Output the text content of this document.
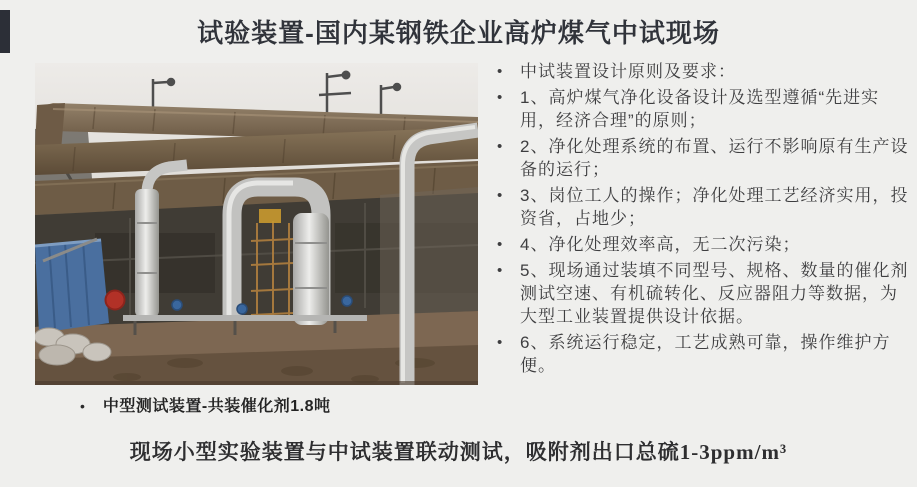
试验装置-国内某钢铁企业高炉煤气中试现场
• 中试装置设计原则及要求：
• 1、高炉煤气净化设备设计及选型遵循“先进实用，经济合理”的原则；
• 2、净化处理系统的布置、运行不影响原有生产设备的运行；
• 3、岗位工人的操作；净化处理工艺经济实用，投资省，占地少；
• 4、净化处理效率高，无二次污染；
• 5、现场通过装填不同型号、规格、数量的催化剂测试空速、有机硫转化、反应器阻力等数据，为大型工业装置提供设计依据。
• 6、系统运行稳定，工艺成熟可靠，操作维护方便。
• 中型测试装置-共装催化剂1.8吨
现场小型实验装置与中试装置联动测试，吸附剂出口总硫1-3ppm/m³
